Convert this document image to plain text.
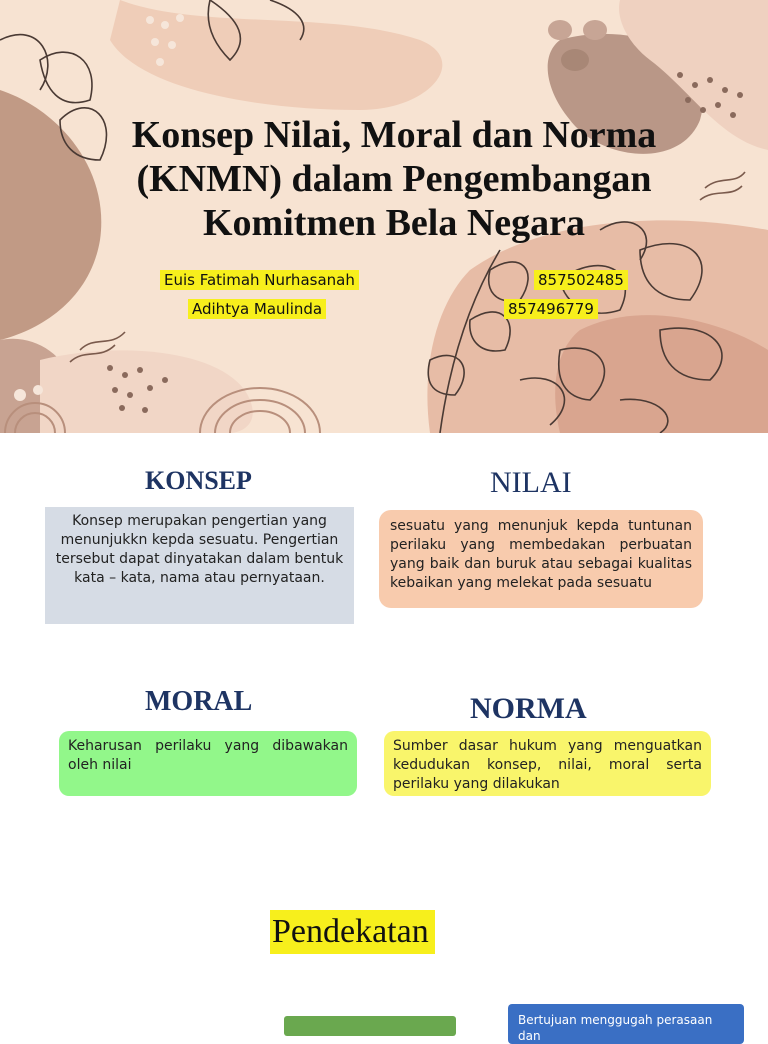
Konsep Nilai, Moral dan Norma (KNMN) dalam Pengembangan Komitmen Bela Negara
Euis Fatimah Nurhasanah	857502485
Adihtya Maulinda	857496779
KONSEP
Konsep merupakan pengertian yang menunjukkn kepda sesuatu. Pengertian tersebut dapat dinyatakan dalam bentuk kata – kata, nama atau pernyataan.
NILAI
sesuatu yang menunjuk kepda tuntunan perilaku yang membedakan perbuatan yang baik dan buruk atau sebagai kualitas kebaikan yang melekat pada sesuatu
MORAL
Keharusan perilaku yang dibawakan oleh nilai
NORMA
Sumber dasar hukum yang menguatkan kedudukan konsep, nilai, moral serta perilaku yang dilakukan
Pendekatan
Bertujuan menggugah perasaan dan
